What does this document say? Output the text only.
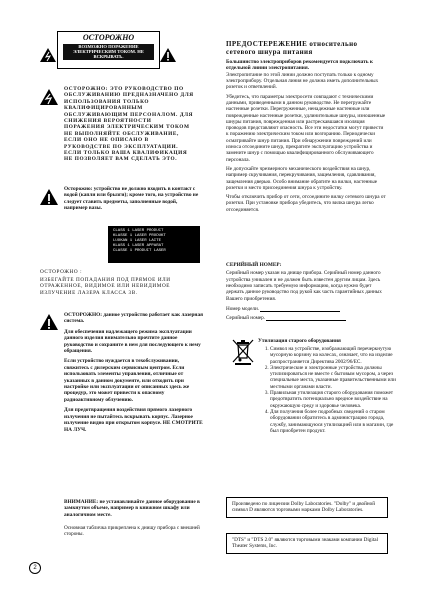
ОСТОРОЖНО
ВОЗМОЖНО ПОРАЖЕНИЕ ЭЛЕКТРИЧЕСКИМ ТОКОМ. НЕ ВСКРЫВАТЬ.
ОСТОРОЖНО: ЭТО РУКОВОДСТВО ПО ОБСЛУЖИВАНИЮ ПРЕДНАЗНАЧЕНО ДЛЯ ИСПОЛЬЗОВАНИЯ ТОЛЬКО КВАЛИФИЦИРОВАННЫМ ОБСЛУЖИВАЮЩИМ ПЕРСОНАЛОМ. ДЛЯ СНИЖЕНИЯ ВЕРОЯТНОСТИ ПОРАЖЕНИЯ ЭЛЕКТРИЧЕСКИМ ТОКОМ НЕ ВЫПОЛНЯЙТЕ ОБСЛУЖИВАНИЕ, ЕСЛИ ОНО НЕ ОПИСАНО В РУКОВОДСТВЕ ПО ЭКСПЛУАТАЦИИ. ЕСЛИ ТОЛЬКО ВАША КВАЛИФИКАЦИЯ НЕ ПОЗВОЛЯЕТ ВАМ СДЕЛАТЬ ЭТО.
Осторожно: устройство не должно входить в контакт с водой (капли или брызги); кроме того, на устройство не следует ставить предметы, заполненные водой, например вазы.
CLASS 1 LASER PRODUCT
KLASSE 1 LASER PRODUKT
LUOKAN 1 LASER LAITE
KLASS 1 LASER APPARAT
CLASSE 1 PRODUIT LASER
ОСТОРОЖНО :
ИЗБЕГАЙТЕ ПОПАДАНИЯ ПОД ПРЯМОЕ ИЛИ ОТРАЖЕННОЕ, ВИДИМОЕ ИЛИ НЕВИДИМОЕ ИЗЛУЧЕНИЕ ЛАЗЕРА КЛАССА 3B.
ОСТОРОЖНО: данное устройство работает как лазерная система.
Для обеспечения надлежащего режима эксплуатации данного изделия внимательно прочтите данное руководство и сохраните в нем для последующего к нему обращения.
Если устройство нуждается в техобслуживании, свяжитесь с дилерским сервисным центром. Если использовать элементы управления, отличные от указанных в данном документе, или отходить при настройке или эксплуатации от описанных здесь же процедур, это может привести к опасному радиоактивному облучению.
Для предотвращения воздействия прямого лазерного излучения не пытайтесь вскрывать корпус. Лазерное излучение видно при открытом корпусе. НЕ СМОТРИТЕ НА ЛУЧ.
ВНИМАНИЕ: не устанавливайте данное оборудование в замкнутом объеме, например в книжном шкафу или аналогичном месте.
Основная табличка прикреплена к днищу прибора с внешней стороны.
2
ПРЕДОСТЕРЕЖЕНИЕ относительно сетевого шнура питания
Большинство электроприборов рекомендуется подключать к отдельной линии электропитания.
Электропитание по этой линии должно поступать только к одному электроприбору. Отдельная линия не должна иметь дополнительных розеток и ответвлений.
Убедитесь, что параметры электросети совпадают с техническими данными, приведенными в данном руководстве. Не перегружайте настенные розетки. Перегруженные, ненадежные настенные или поврежденные настенные розетки, удлинительные шнуры, изношенные шнуры питания, поврежденная или растрескавшаяся изоляция проводов представляют опасность. Все эти недостатки могут привести к поражению электрическим током или возгоранию. Периодически осматривайте шнур питания. При обнаружении повреждений или износа отсоедините шнур, прекратите эксплуатацию устройства и замените шнур с помощью квалифицированного обслуживающего персонала.
Не допускайте чрезмерного механического воздействия на шнур, например скручивания, перекручивания, защемления, сдавливания, защемления дверью. Особо внимание обратите на вилки, настенные розетки и место присоединения шнура к устройству.
Чтобы отключить прибор от сети, отсоедините вилку сетевого шнура от розетки. При установке прибора убедитесь, что вилка шнура легко отсоединяется.
СЕРИЙНЫЙ НОМЕР:
Серийный номер указан на днище прибора. Серийный номер данного устройства уникален и не должен быть известен другим лицам. Здесь необходимо записать требуемую информацию, когда нужно будет держать данное руководство под рукой как часть гарантийных данных Вашего приобретения.
Номер модели.
Серийный номер.
Утилизация старого оборудования
1. Символ на устройстве, изображающий перечеркнутую мусорную корзину на колесах, означает, что на изделие распространяется Директива 2002/96/EC.
2. Электрические и электронные устройства должны утилизироваться не вместе с бытовым мусором, а через специальные места, указанные правительственными или местными органами власти.
3. Правильная утилизация старого оборудования поможет предотвратить потенциально вредное воздействие на окружающую среду и здоровье человека.
4. Для получения более подробных сведений о старом оборудовании обратитесь в администрацию города, службу, занимающуюся утилизацией или в магазин, где был приобретен продукт.
Произведено по лицензии Dolby Laboratories. "Dolby" и двойной символ D являются торговыми марками Dolby Laboratories.
"DTS" и "DTS 2.0" являются торговыми знаками компании Digital Theater Systems, Inc.
